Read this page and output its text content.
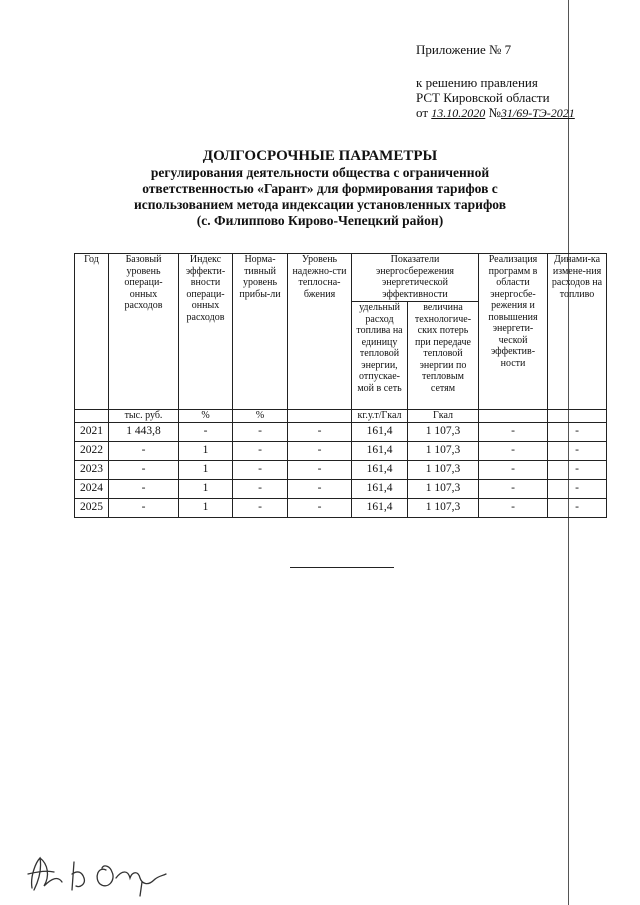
Приложение № 7
к решению правления
РСТ Кировской области
от 13.10.2020 №31/69-ТЭ-2021
ДОЛГОСРОЧНЫЕ ПАРАМЕТРЫ
регулирования деятельности общества с ограниченной
ответственностью «Гарант» для формирования тарифов с
использованием метода индексации установленных тарифов
(с. Филиппово Кирово-Чепецкий район)
Год	Базовый уровень операци-онных расходов	Индекс эффекти-вности операци-онных расходов	Норма-тивный уровень прибы-ли	Уровень надежно-сти теплосна-бжения	Показатели энергосбережения энергетической эффективности		Реализация программ в области энергосбе-режения и повышения энергети-ческой эффектив-ности	Динами-ка измене-ния расходов на топливо
					удельный расход топлива на единицу тепловой энергии, отпускае-мой в сеть	величина технологиче-ских потерь при передаче тепловой энергии по тепловым сетям		
	тыс. руб.	%	%		кг.у.т/Гкал	Гкал		
2021	1 443,8	-	-	-	161,4	1 107,3	-	-
2022	-	1	-	-	161,4	1 107,3	-	-
2023	-	1	-	-	161,4	1 107,3	-	-
2024	-	1	-	-	161,4	1 107,3	-	-
2025	-	1	-	-	161,4	1 107,3	-	-
